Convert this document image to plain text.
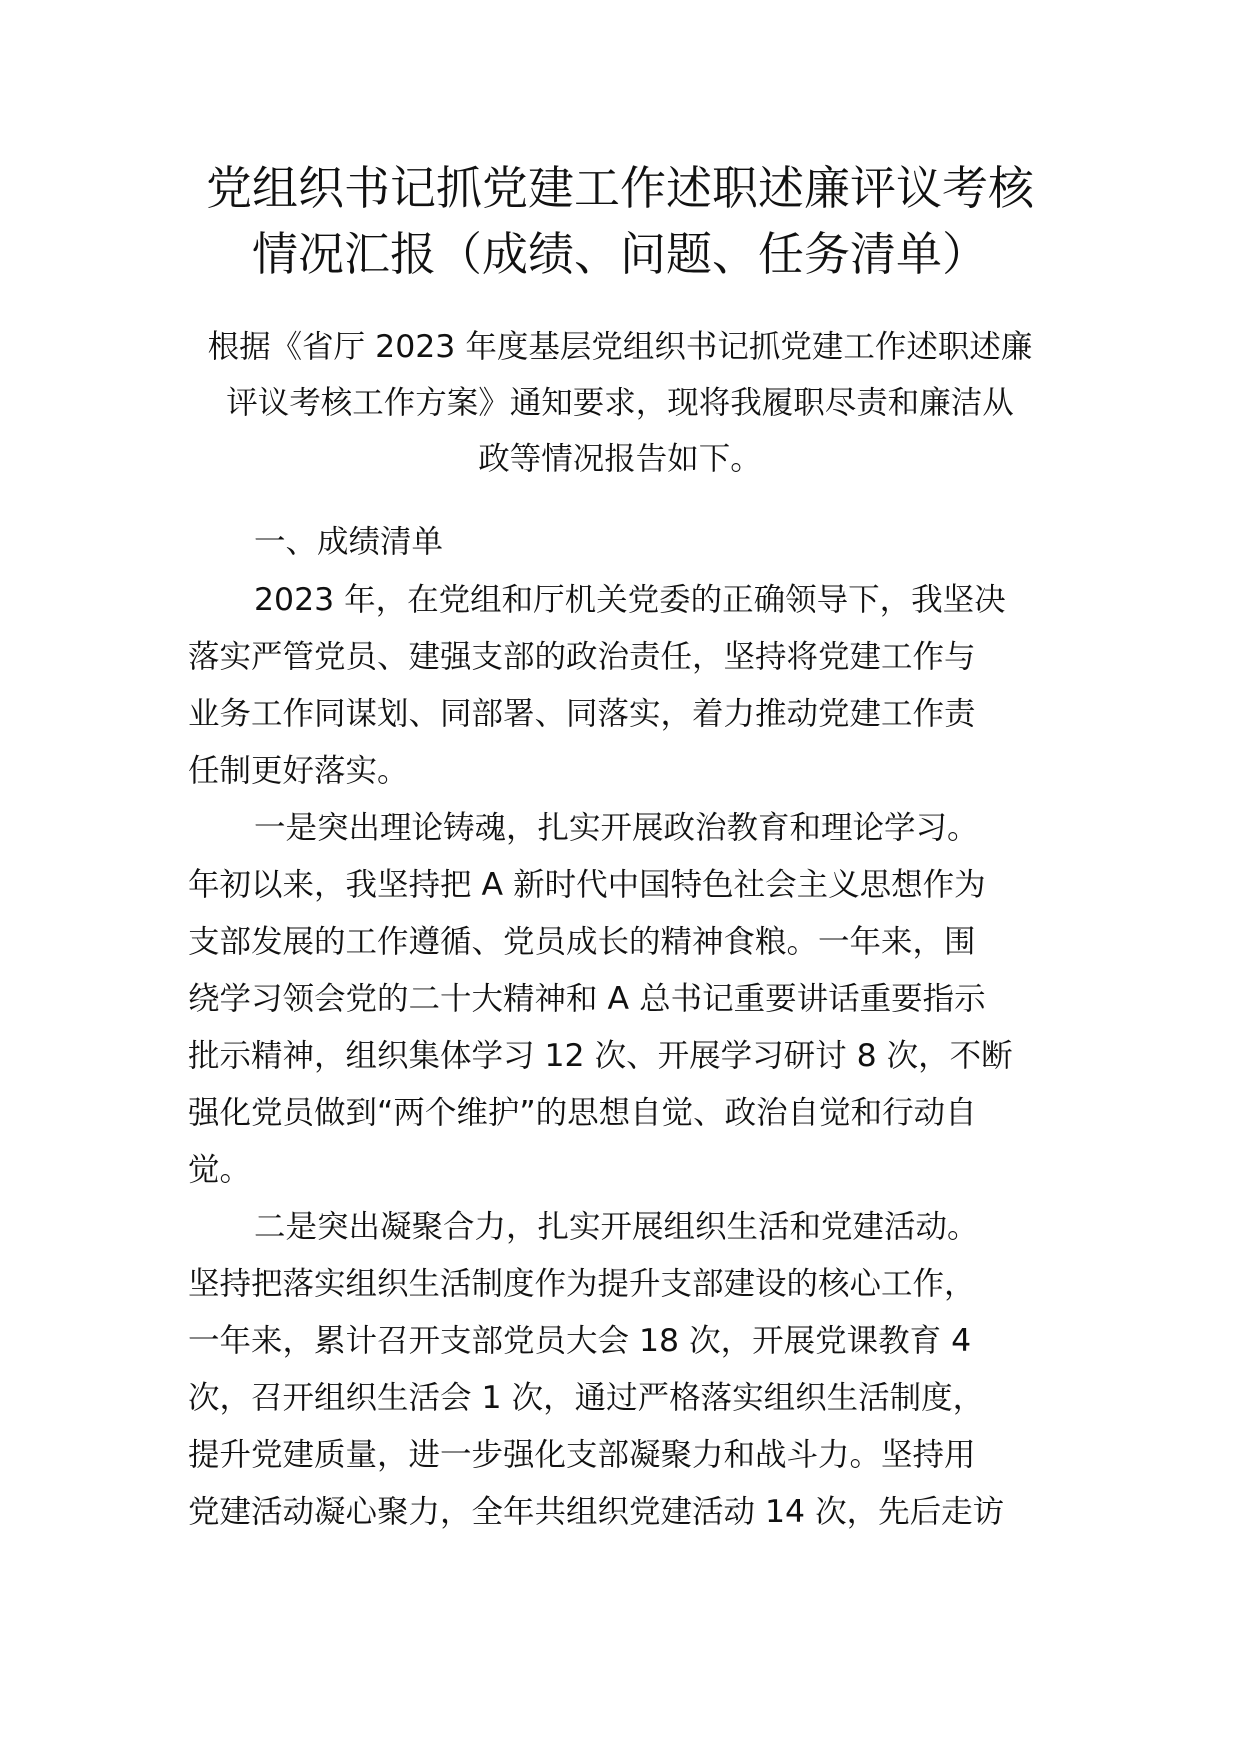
党组织书记抓党建工作述职述廉评议考核
情况汇报（成绩、问题、任务清单）
根据《省厅 2023 年度基层党组织书记抓党建工作述职述廉
评议考核工作方案》通知要求，现将我履职尽责和廉洁从
政等情况报告如下。
一、成绩清单
2023 年，在党组和厅机关党委的正确领导下，我坚决
落实严管党员、建强支部的政治责任，坚持将党建工作与
业务工作同谋划、同部署、同落实，着力推动党建工作责
任制更好落实。
一是突出理论铸魂，扎实开展政治教育和理论学习。
年初以来，我坚持把 A 新时代中国特色社会主义思想作为
支部发展的工作遵循、党员成长的精神食粮。一年来，围
绕学习领会党的二十大精神和 A 总书记重要讲话重要指示
批示精神，组织集体学习 12 次、开展学习研讨 8 次，不断
强化党员做到“两个维护”的思想自觉、政治自觉和行动自
觉。
二是突出凝聚合力，扎实开展组织生活和党建活动。
坚持把落实组织生活制度作为提升支部建设的核心工作，
一年来，累计召开支部党员大会 18 次，开展党课教育 4
次，召开组织生活会 1 次，通过严格落实组织生活制度，
提升党建质量，进一步强化支部凝聚力和战斗力。坚持用
党建活动凝心聚力，全年共组织党建活动 14 次，先后走访
